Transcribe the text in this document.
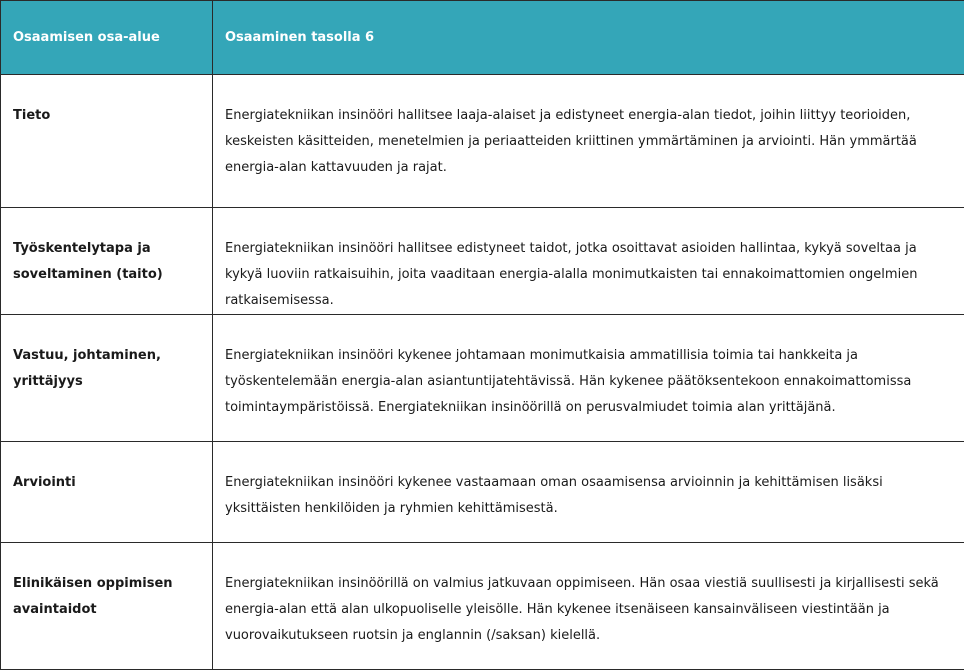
Osaamisen osa-alue	Osaaminen tasolla 6
Tieto	Energiatekniikan insinööri hallitsee laaja-alaiset ja edistyneet energia-alan tiedot, joihin liittyy teorioiden, keskeisten käsitteiden, menetelmien ja periaatteiden kriittinen ymmärtäminen ja arviointi. Hän ymmärtää energia-alan kattavuuden ja rajat.
Työskentelytapa ja soveltaminen (taito)	Energiatekniikan insinööri hallitsee edistyneet taidot, jotka osoittavat asioiden hallintaa, kykyä soveltaa ja kykyä luoviin ratkaisuihin, joita vaaditaan energia-alalla monimutkaisten tai ennakoimattomien ongelmien ratkaisemisessa.
Vastuu, johtaminen, yrittäjyys	Energiatekniikan insinööri kykenee johtamaan monimutkaisia ammatillisia toimia tai hankkeita ja työskentelemään energia-alan asiantuntijatehtävissä. Hän kykenee päätöksentekoon ennakoimattomissa toimintaympäristöissä. Energiatekniikan insinöörillä on perusvalmiudet toimia alan yrittäjänä.
Arviointi	Energiatekniikan insinööri kykenee vastaamaan oman osaamisensa arvioinnin ja kehittämisen lisäksi yksittäisten henkilöiden ja ryhmien kehittämisestä.
Elinikäisen oppimisen avaintaidot	Energiatekniikan insinöörillä on valmius jatkuvaan oppimiseen. Hän osaa viestiä suullisesti ja kirjallisesti sekä energia-alan että alan ulkopuoliselle yleisölle. Hän kykenee itsenäiseen kansainväliseen viestintään ja vuorovaikutukseen ruotsin ja englannin (/saksan) kielellä.
